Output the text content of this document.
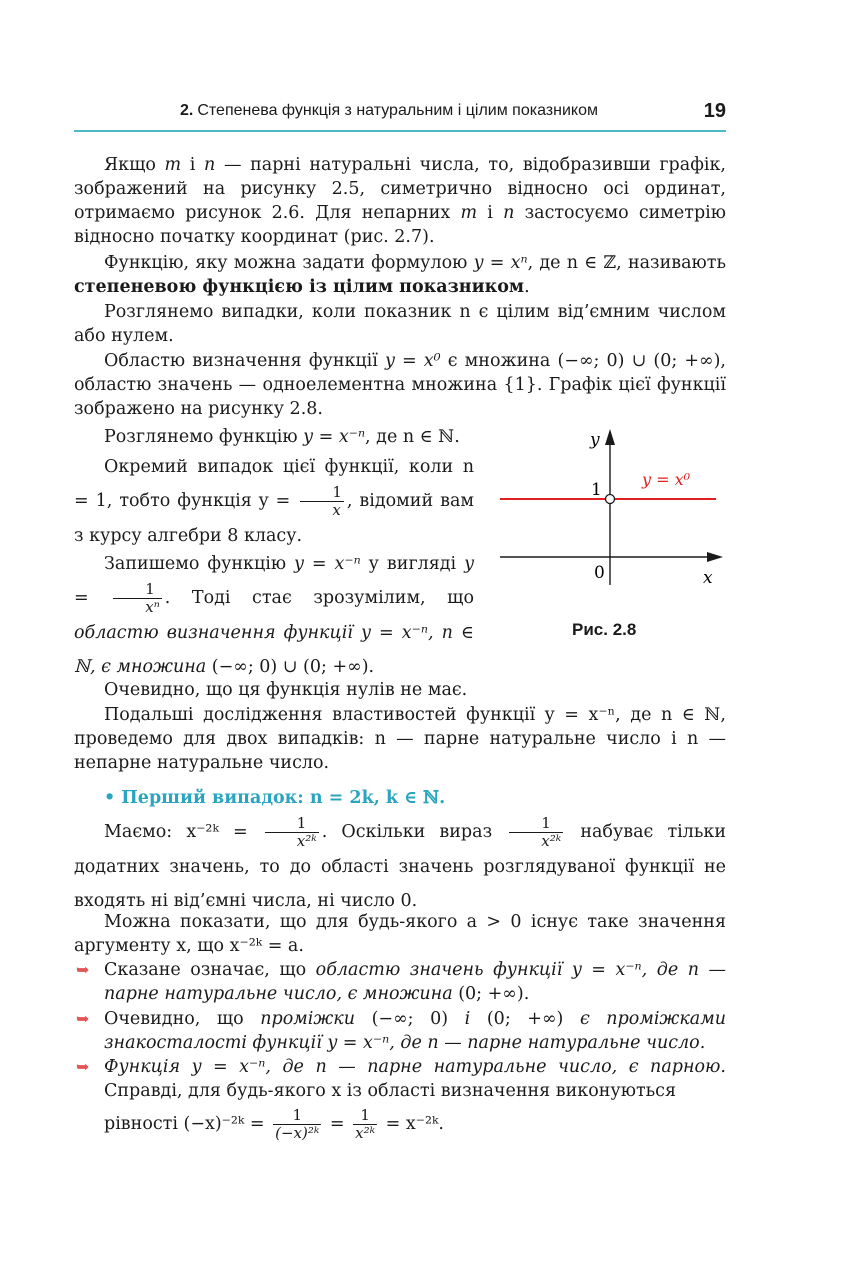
2. Степенева функція з натуральним і цілим показником	19
Якщо m і n — парні натуральні числа, то, відобразивши графік, зображений на рисунку 2.5, симетрично відносно осі ординат, отримаємо рисунок 2.6. Для непарних m і n застосуємо симетрію відносно початку координат (рис. 2.7).
Функцію, яку можна задати формулою y = xⁿ, де n ∈ ℤ, називають степеневою функцією із цілим показником.
Розглянемо випадки, коли показник n є цілим від’ємним числом або нулем.
Областю визначення функції y = x⁰ є множина (−∞; 0) ∪ (0; +∞), областю значень — одноелементна множина {1}. Графік цієї функції зображено на рисунку 2.8.
Розглянемо функцію y = x⁻ⁿ, де n ∈ ℕ.
Окремий випадок цієї функції, коли n = 1, тобто функція $y = \frac{1}{x}$ , відомий вам з курсу алгебри 8 класу.
Запишемо функцію y = x⁻ⁿ у вигляді $y = \frac{1}{\text{xⁿ}}$ . Тоді стає зрозумілим, що областю визначення функції y = x⁻ⁿ, n ∈ ℕ, є множина (−∞; 0) ∪ (0; +∞).
y
1
y = x⁰
0	x
Рис. 2.8
Очевидно, що ця функція нулів не має.
Подальші дослідження властивостей функції y = x⁻ⁿ, де n ∈ ℕ, проведемо для двох випадків: n — парне натуральне число і n — непарне натуральне число.
• Перший випадок: n = 2k, k ∈ ℕ.
Маємо: x⁻²ᵏ = $\frac{1}{\text{x²ᵏ}}$ . Оскільки вираз $\frac{1}{\text{x²ᵏ}}$ набуває тільки додатних значень, то до області значень розглядуваної функції не входять ні від’ємні числа, ні число 0.
Можна показати, що для будь-якого a > 0 існує таке значення аргументу x, що x⁻²ᵏ = a.
➥ Сказане означає, що областю значень функції y = x⁻ⁿ, де n — парне натуральне число, є множина (0; +∞).
➥ Очевидно, що проміжки (−∞; 0) і (0; +∞) є проміжками знакосталості функції y = x⁻ⁿ, де n — парне натуральне число.
➥ Функція y = x⁻ⁿ, де n — парне натуральне число, є парною. Справді, для будь-якого x із області визначення виконуються
рівності (−x)⁻²ᵏ = $\frac{1}{\text{(−x)²ᵏ}} = \frac{1}{\text{x²ᵏ}}$ = x⁻²ᵏ.
